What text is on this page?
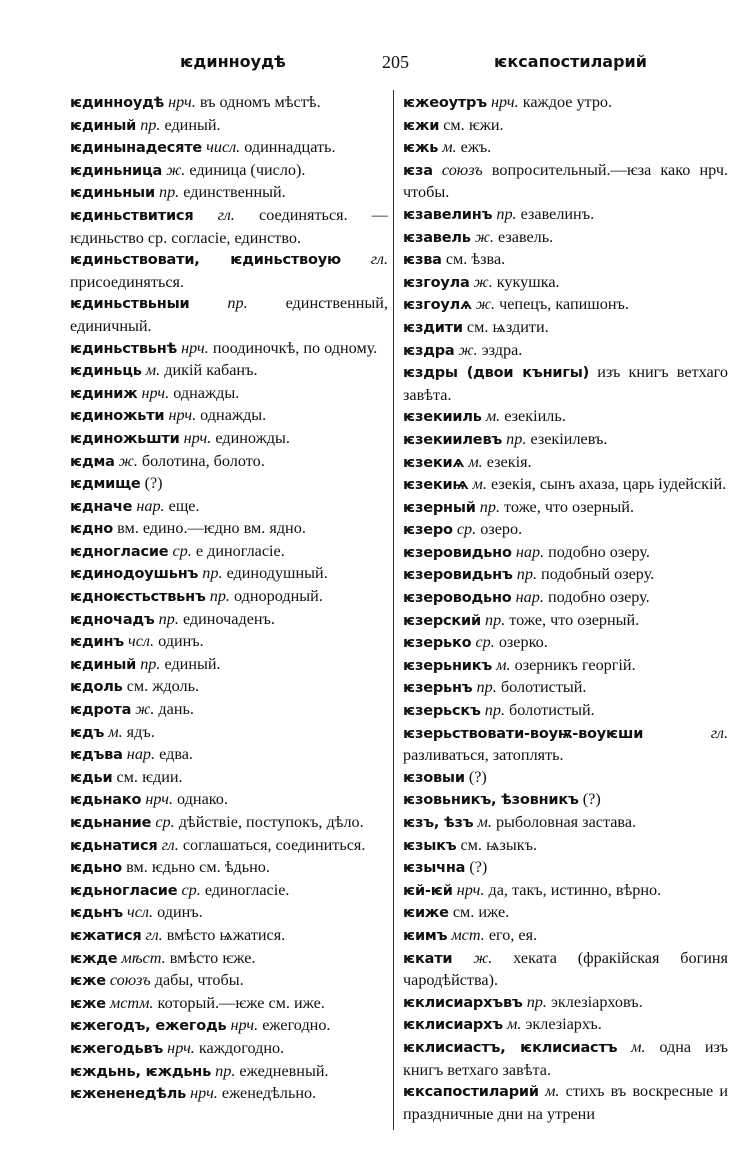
ѥдинноудѣ	205	ѥксапостиларий
ѥдинноудѣ нрч. въ одномъ мѣстѣ.
ѥдиный пр. единый.
ѥдинынадесяте числ. одиннадцать.
ѥдиньница ж. единица (число).
ѥдиньныи пр. единственный.
ѥдиньствитися гл. соединяться. — ѥдиньство ср. согласіе, единство.
ѥдиньствовати, ѥдиньствоую гл. присоединяться.
ѥдиньствьныи пр. единственный, единичный.
ѥдиньствьнѣ нрч. поодиночкѣ, по одному.
ѥдиньць м. дикій кабанъ.
ѥдиниж нрч. однажды.
ѥдиножьти нрч. однажды.
ѥдиножьшти нрч. единожды.
ѥдма ж. болотина, болото.
ѥдмище (?)
ѥдначе нар. еще.
ѥдно вм. едино.—ѥдно вм. ядно.
ѥдногласие ср. е диногласіе.
ѥдинодоушьнъ пр. единодушный.
ѥдноѥстьствьнъ пр. однородный.
ѥдночадъ пр. единочаденъ.
ѥдинъ чсл. одинъ.
ѥдиный пр. единый.
ѥдоль см. ждоль.
ѥдрота ж. дань.
ѥдъ м. ядъ.
ѥдъва нар. едва.
ѥдьи см. ѥдии.
ѥдьнако нрч. однако.
ѥдьнание ср. дѣйствіе, поступокъ, дѣло.
ѥдьнатися гл. соглашаться, соединиться.
ѥдьно вм. ѥдьно см. ѣдьно.
ѥдьногласие ср. единогласіе.
ѥдьнъ чсл. одинъ.
ѥжатися гл. вмѣсто ѩжатися.
ѥжде мѣст. вмѣсто ѥже.
ѥже союзъ дабы, чтобы.
ѥже мстм. который.—ѥже см. иже.
ѥжегодъ, ежегодь нрч. ежегодно.
ѥжегодьвъ нрч. каждогодно.
ѥждьнь, ѥждьнь пр. ежедневный.
ѥжененедѣль нрч. еженедѣльно.
ѥжеоутръ нрч. каждое утро.
ѥжи см. ѥжи.
ѥжь м. ежъ.
ѥза союзъ вопросительный.—ѥза како нрч. чтобы.
ѥзавелинъ пр. езавелинъ.
ѥзавель ж. езавель.
ѥзва см. ѣзва.
ѥзгоула ж. кукушка.
ѥзгоулѧ ж. чепецъ, капишонъ.
ѥздити см. ѩздити.
ѥздра ж. эздра.
ѥздры (двои кънигы) изъ книгъ ветхаго завѣта.
ѥзекииль м. езекіиль.
ѥзекиилевъ пр. езекіилевъ.
ѥзекиѧ м. езекія.
ѥзекиѩ м. езекія, сынъ ахаза, царь іудейскій.
ѥзерный пр. тоже, что озерный.
ѥзеро ср. озеро.
ѥзеровидьно нар. подобно озеру.
ѥзеровидьнъ пр. подобный озеру.
ѥзероводьно нар. подобно озеру.
ѥзерский пр. тоже, что озерный.
ѥзерько ср. озерко.
ѥзерьникъ м. озерникъ георгій.
ѥзерьнъ пр. болотистый.
ѥзерьскъ пр. болотистый.
ѥзерьствовати-воуѭ-воуѥши	гл. разливаться, затоплять.
ѥзовыи (?)
ѥзовьникъ, ѣзовникъ (?)
ѥзъ, ѣзъ м. рыболовная застава.
ѥзыкъ см. ѩзыкъ.
ѥзычна (?)
ѥй-ѥй нрч. да, такъ, истинно, вѣрно.
ѥиже см. иже.
ѥимъ мст. его, ея.
ѥкати ж. хеката (фракійская богиня чародѣйства).
ѥклисиархъвъ пр. эклезіарховъ.
ѥклисиархъ м. эклезіархъ.
ѥклисиастъ, ѥклисиастъ м. одна изъ книгъ ветхаго завѣта.
ѥксапостиларий м. стихъ въ воскресные и праздничные дни на утрени
